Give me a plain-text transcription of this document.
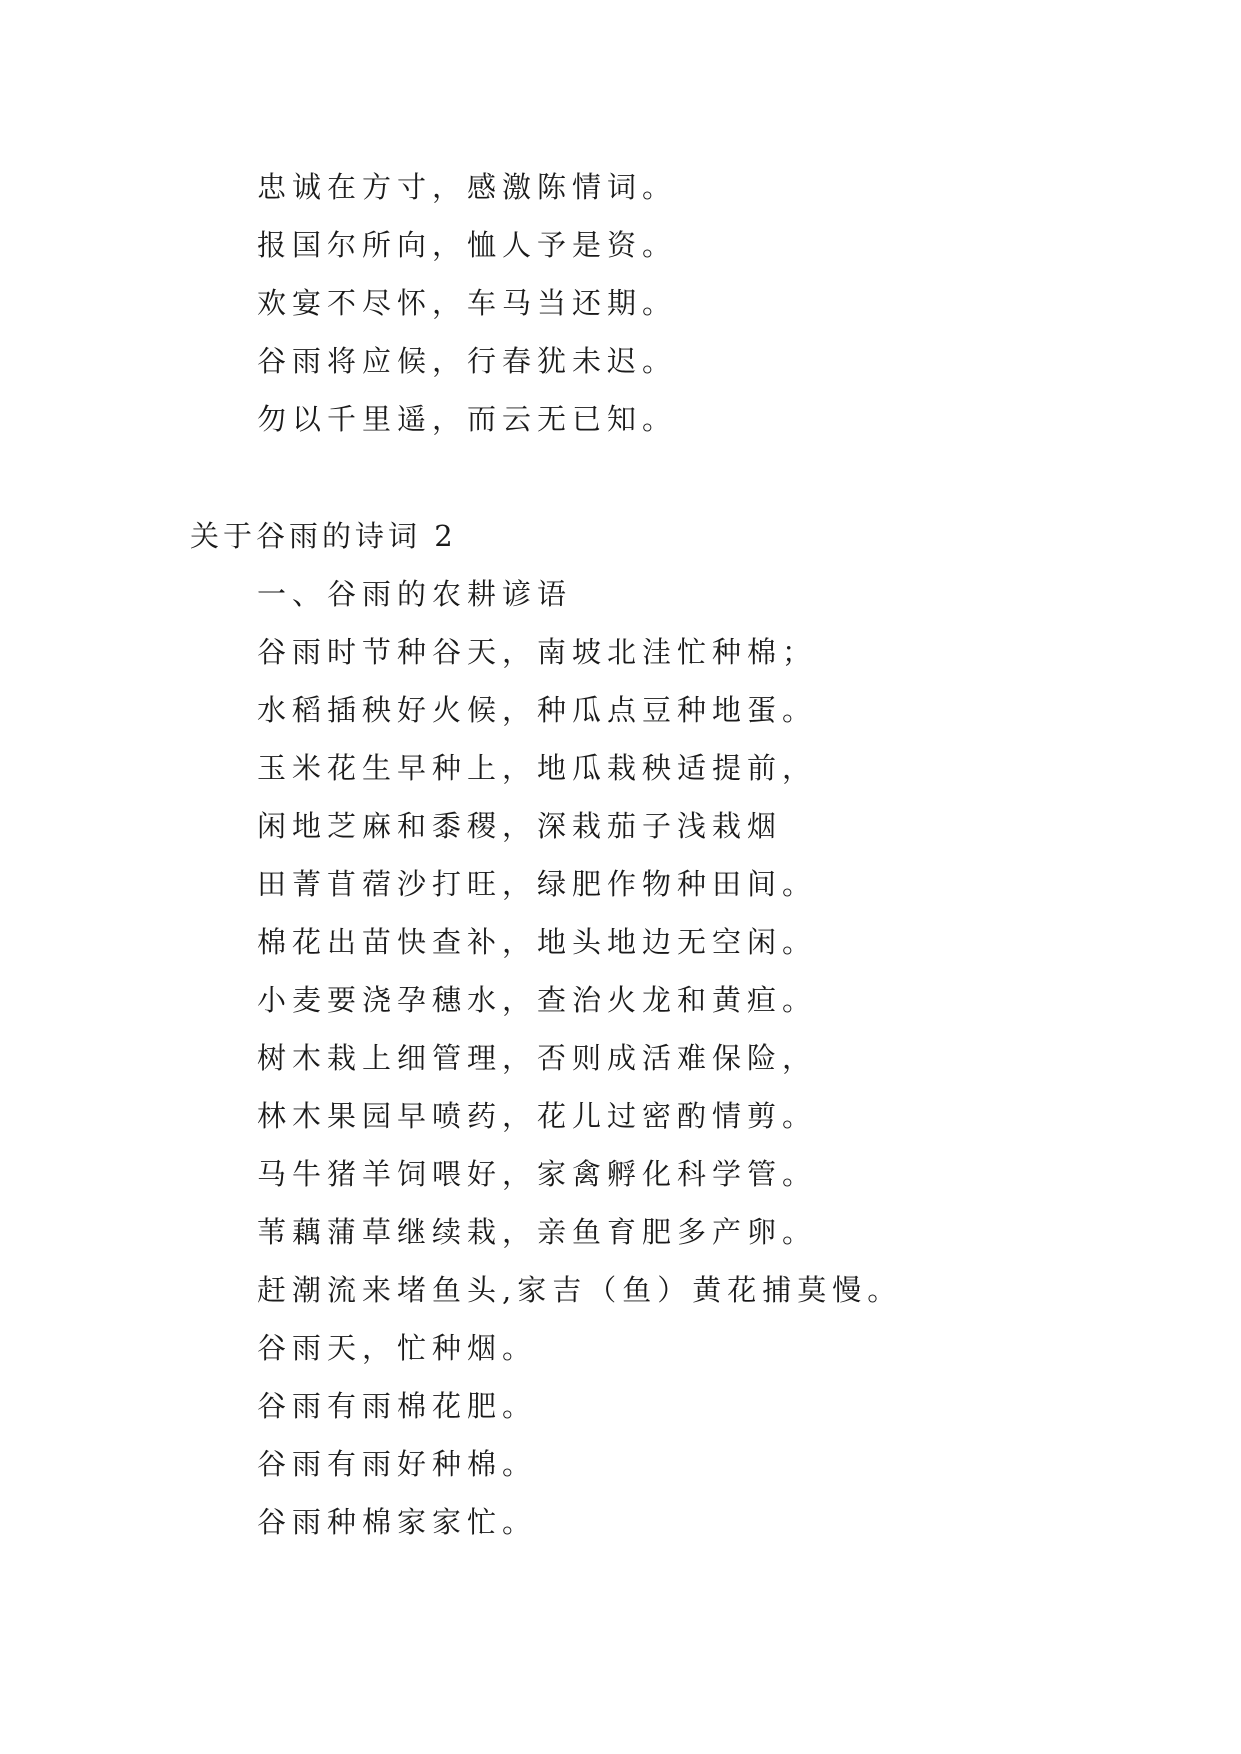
忠诚在方寸，感激陈情词。
报国尔所向，恤人予是资。
欢宴不尽怀，车马当还期。
谷雨将应候，行春犹未迟。
勿以千里遥，而云无已知。
关于谷雨的诗词 2
一、谷雨的农耕谚语
谷雨时节种谷天，南坡北洼忙种棉；
水稻插秧好火候，种瓜点豆种地蛋。
玉米花生早种上，地瓜栽秧适提前，
闲地芝麻和黍稷，深栽茄子浅栽烟
田菁苜蓿沙打旺，绿肥作物种田间。
棉花出苗快查补，地头地边无空闲。
小麦要浇孕穗水，查治火龙和黄疸。
树木栽上细管理，否则成活难保险，
林木果园早喷药，花儿过密酌情剪。
马牛猪羊饲喂好，家禽孵化科学管。
苇藕蒲草继续栽，亲鱼育肥多产卵。
赶潮流来堵鱼头,家吉（鱼）黄花捕莫慢。
谷雨天，忙种烟。
谷雨有雨棉花肥。
谷雨有雨好种棉。
谷雨种棉家家忙。
